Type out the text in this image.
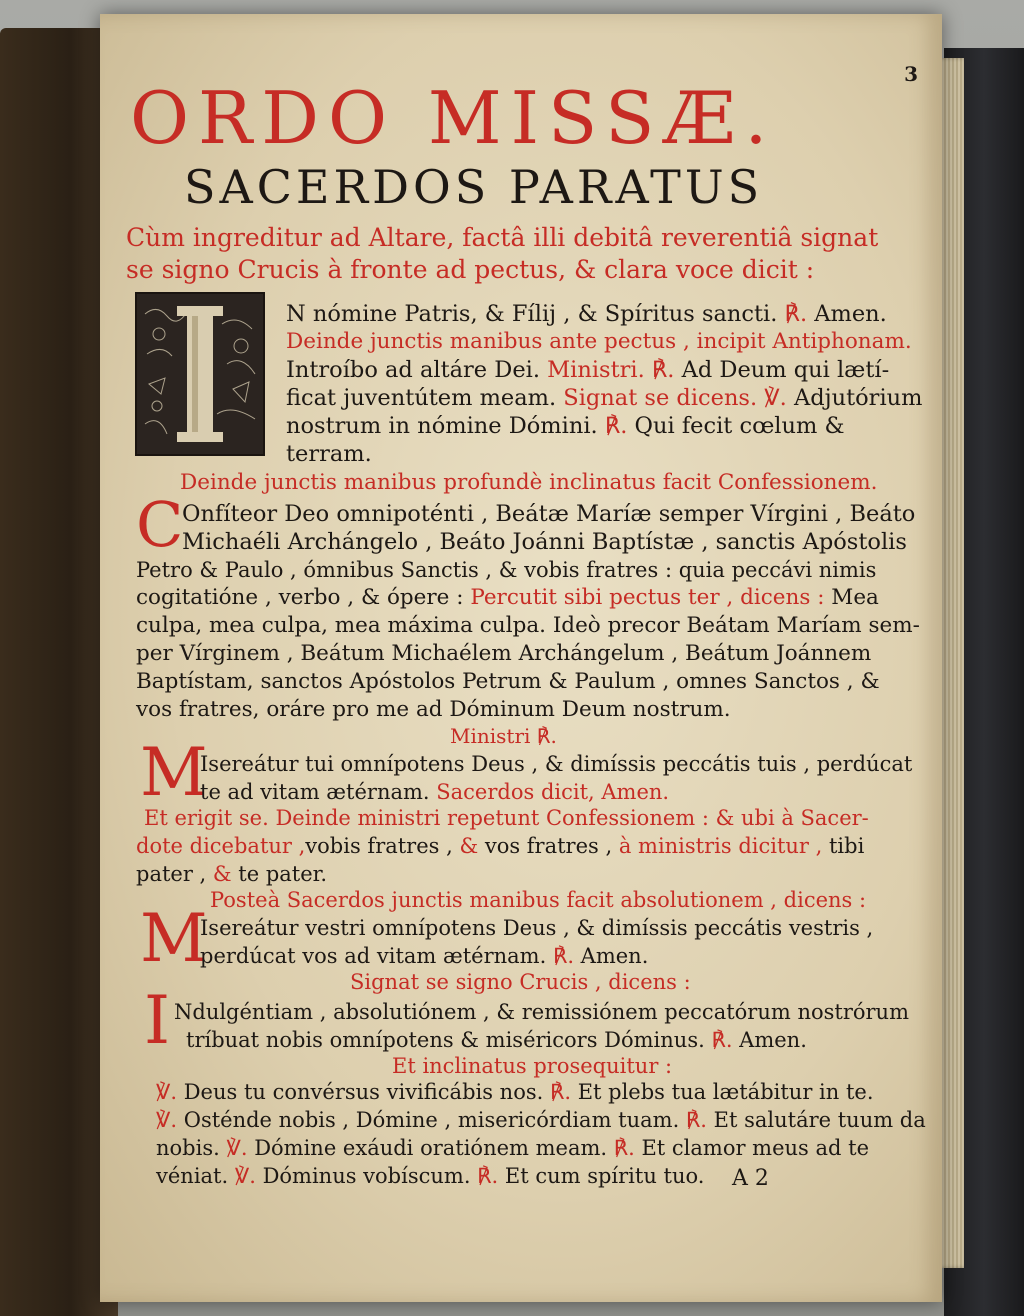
3
ORDO MISSÆ.
SACERDOS PARATUS
Cùm ingreditur ad Altare, factâ illi debitâ reverentiâ signat
se signo Crucis à fronte ad pectus, & clara voce dicit :
N nómine Patris, & Fílij , & Spíritus sancti. ℟. Amen.
Deinde junctis manibus ante pectus , incipit Antiphonam.
Introíbo ad altáre Dei. Ministri. ℟. Ad Deum qui lætí-
ficat juventútem meam. Signat se dicens. ℣. Adjutórium
nostrum in nómine Dómini. ℟. Qui fecit cœlum &
terram.
Deinde junctis manibus profundè inclinatus facit Confessionem.
C
Onfíteor Deo omnipoténti , Beátæ Maríæ semper Vírgini , Beáto
Michaéli Archángelo , Beáto Joánni Baptístæ , sanctis Apóstolis
Petro & Paulo , ómnibus Sanctis , & vobis fratres : quia peccávi nimis
cogitatióne , verbo , & ópere : Percutit sibi pectus ter , dicens : Mea
culpa, mea culpa, mea máxima culpa. Ideò precor Beátam Maríam sem-
per Vírginem , Beátum Michaélem Archángelum , Beátum Joánnem
Baptístam, sanctos Apóstolos Petrum & Paulum , omnes Sanctos , &
vos fratres, oráre pro me ad Dóminum Deum nostrum.
Ministri ℟.
M
Isereátur tui omnípotens Deus , & dimíssis peccátis tuis , perdúcat
te ad vitam ætérnam. Sacerdos dicit, Amen.
Et erigit se. Deinde ministri repetunt Confessionem : & ubi à Sacer-
dote dicebatur ,vobis fratres , & vos fratres , à ministris dicitur , tibi
pater , & te pater.
Posteà Sacerdos junctis manibus facit absolutionem , dicens :
M
Isereátur vestri omnípotens Deus , & dimíssis peccátis vestris ,
perdúcat vos ad vitam ætérnam. ℟. Amen.
Signat se signo Crucis , dicens :
I Ndulgéntiam , absolutiónem , & remissiónem peccatórum nostrórum
tríbuat nobis omnípotens & miséricors Dóminus. ℟. Amen.
Et inclinatus prosequitur :
℣. Deus tu convérsus vivificábis nos. ℟. Et plebs tua lætábitur in te.
℣. Osténde nobis , Dómine , misericórdiam tuam. ℟. Et salutáre tuum da
nobis. ℣. Dómine exáudi oratiónem meam. ℟. Et clamor meus ad te
véniat. ℣. Dóminus vobíscum. ℟. Et cum spíritu tuo. A 2
